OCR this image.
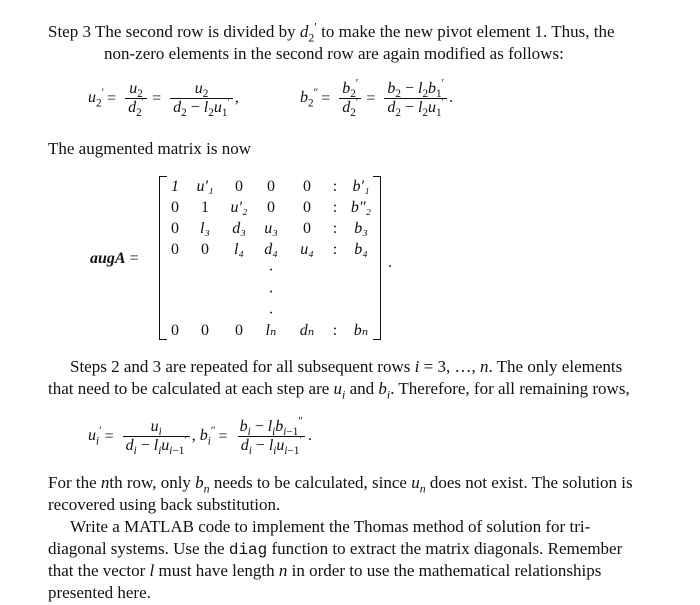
Step 3 The second row is divided by $d_2'$ to make the new pivot element 1. Thus, the
non-zero elements in the second row are again modified as follows:
$u_2' = \frac{u_2}{d_2'} = \frac{u_2}{d_2 - l_2u_1'}$ ,	$b_2'' = \frac{b_2'}{d_2'} = \frac{b_2 - l_2b_1'}{d_2 - l_2u_1'}$ .
The augmented matrix is now
augA =	.
1	u′₁	0	0	0	: b′₁
0	1	u′₂	0	0	: b″₂
0	l₃	d₃	u₃	0	:	b₃
0	0	l₄	d₄	u₄	:	b₄
·
·
·
0	0	0	lₙ	dₙ	:	bₙ
Steps 2 and 3 are repeated for all subsequent rows i = 3, …, n. The only elements
that need to be calculated at each step are $u_i$ and $b_i$. Therefore, for all remaining rows,
$u_i' = \frac{u_i}{d_i - l_iu_{i-1}'}$ , $b_i'' = \frac{b_i - l_ib_{i-1}''}{d_i - l_iu_{i-1}'}$ .
For the nth row, only $b_n$ needs to be calculated, since $u_n$ does not exist. The solution is
recovered using back substitution.
Write a MATLAB code to implement the Thomas method of solution for tri-
diagonal systems. Use the diag function to extract the matrix diagonals. Remember
that the vector l must have length n in order to use the mathematical relationships
presented here.
